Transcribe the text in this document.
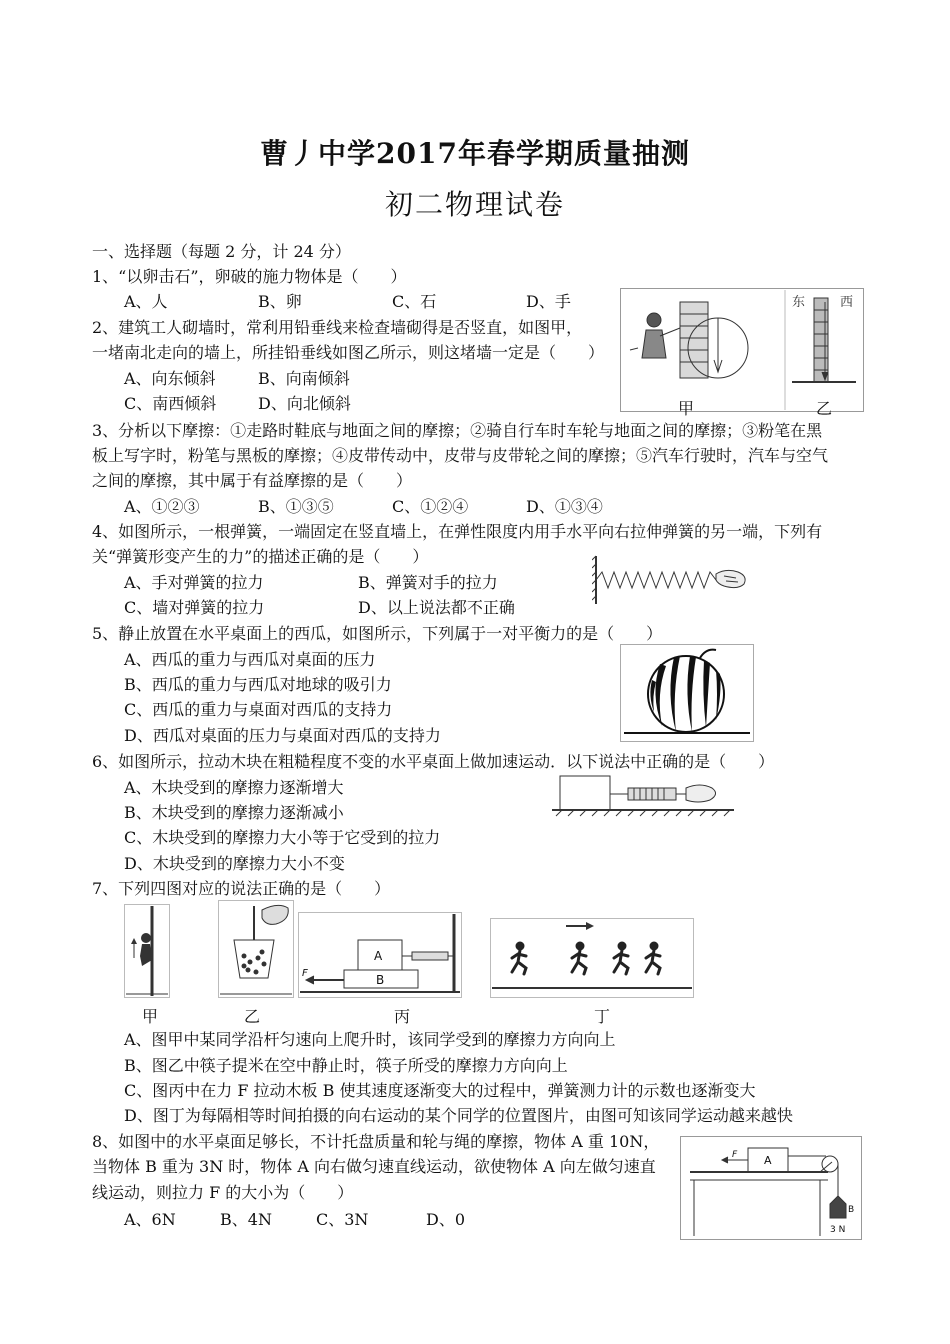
曹丿中学2017年春学期质量抽测
初二物理试卷
一、选择题（每题 2 分，计 24 分）
1、“以卵击石”，卵破的施力物体是（　　）
A、人	B、卵	C、石	D、手
2、建筑工人砌墙时，常利用铅垂线来检查墙砌得是否竖直，如图甲，
一堵南北走向的墙上，所挂铅垂线如图乙所示，则这堵墙一定是（　　）
A、向东倾斜	B、向南倾斜
C、南西倾斜	D、向北倾斜
东	西
甲	乙
3、分析以下摩擦：①走路时鞋底与地面之间的摩擦；②骑自行车时车轮与地面之间的摩擦；③粉笔在黑
板上写字时，粉笔与黑板的摩擦；④皮带传动中，皮带与皮带轮之间的摩擦；⑤汽车行驶时，汽车与空气
之间的摩擦，其中属于有益摩擦的是（　　）
A、①②③	B、①③⑤	C、①②④	D、①③④
4、如图所示，一根弹簧，一端固定在竖直墙上，在弹性限度内用手水平向右拉伸弹簧的另一端，下列有
关“弹簧形变产生的力”的描述正确的是（　　）
A、手对弹簧的拉力	B、弹簧对手的拉力
C、墙对弹簧的拉力	D、以上说法都不正确
5、静止放置在水平桌面上的西瓜，如图所示，下列属于一对平衡力的是（　　）
A、西瓜的重力与西瓜对桌面的压力
B、西瓜的重力与西瓜对地球的吸引力
C、西瓜的重力与桌面对西瓜的支持力
D、西瓜对桌面的压力与桌面对西瓜的支持力
6、如图所示，拉动木块在粗糙程度不变的水平桌面上做加速运动．以下说法中正确的是（　　）
A、木块受到的摩擦力逐渐增大
B、木块受到的摩擦力逐渐减小
C、木块受到的摩擦力大小等于它受到的拉力
D、木块受到的摩擦力大小不变
7、下列四图对应的说法正确的是（　　）
A
B
F
甲	乙	丙	丁
A、图甲中某同学沿杆匀速向上爬升时，该同学受到的摩擦力方向向上
B、图乙中筷子提米在空中静止时，筷子所受的摩擦力方向向上
C、图丙中在力 F 拉动木板 B 使其速度逐渐变大的过程中，弹簧测力计的示数也逐渐变大
D、图丁为每隔相等时间拍摄的向右运动的某个同学的位置图片，由图可知该同学运动越来越快
8、如图中的水平桌面足够长，不计托盘质量和轮与绳的摩擦，物体 A 重 10N，
当物体 B 重为 3N 时，物体 A 向右做匀速直线运动，欲使物体 A 向左做匀速直
线运动，则拉力 F 的大小为（　　）
A、6N	B、4N	C、3N	D、0
A
F
B
3 N
